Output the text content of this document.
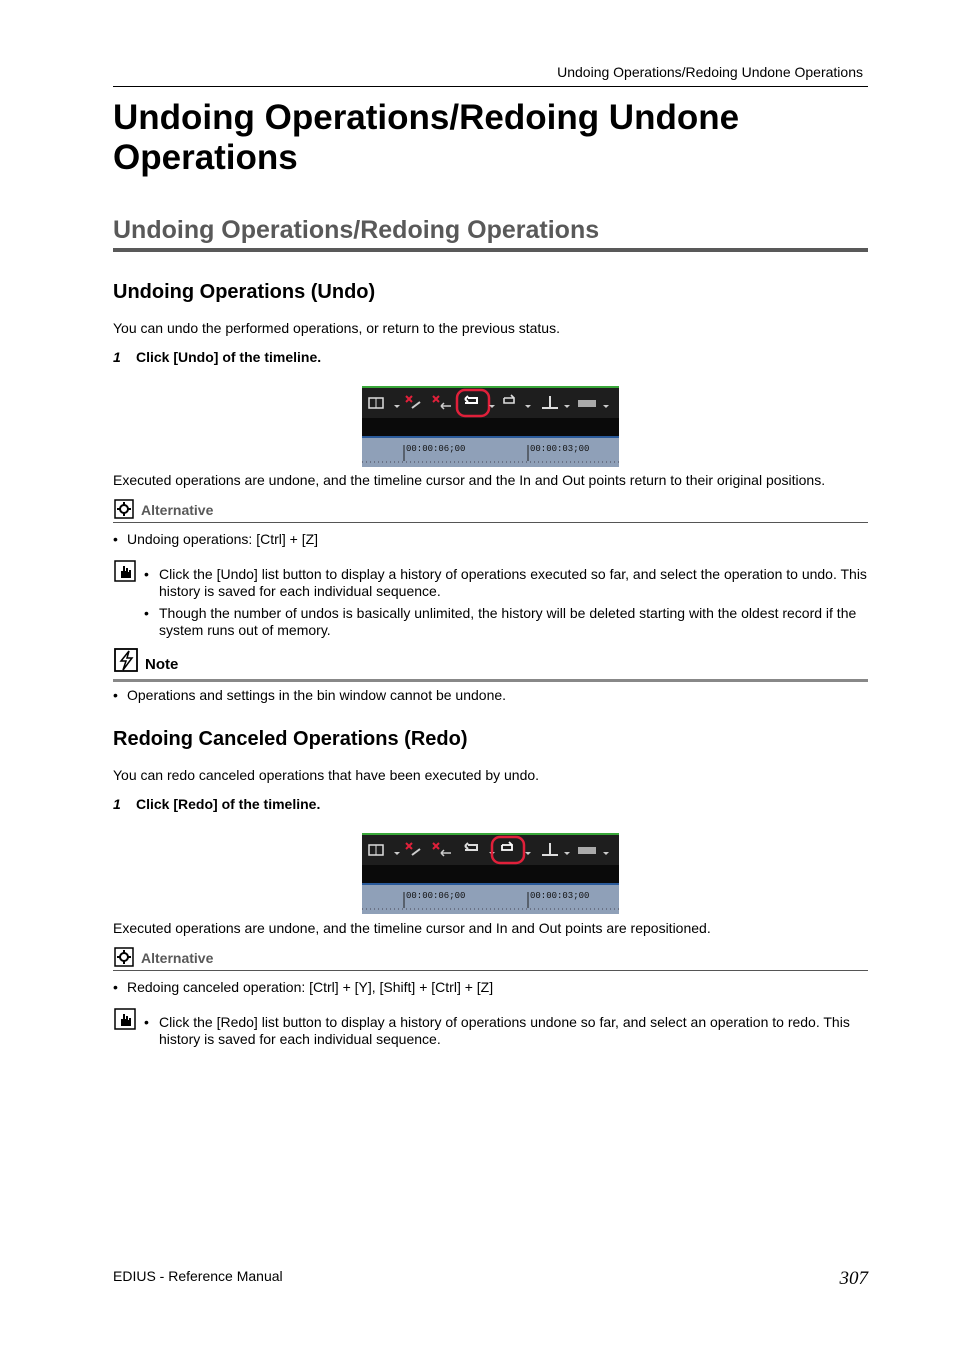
Undoing Operations/Redoing Undone Operations
Undoing Operations/Redoing Undone Operations
Undoing Operations/Redoing Operations
Undoing Operations (Undo)
You can undo the performed operations, or return to the previous status.
1 Click [Undo] of the timeline.
00:00:06;00	00:00:03;00
Executed operations are undone, and the timeline cursor and the In and Out points return to their original positions.
Alternative
• Undoing operations: [Ctrl] + [Z]
• Click the [Undo] list button to display a history of operations executed so far, and select the operation to undo. This history is saved for each individual sequence.
• Though the number of undos is basically unlimited, the history will be deleted starting with the oldest record if the system runs out of memory.
Note
• Operations and settings in the bin window cannot be undone.
Redoing Canceled Operations (Redo)
You can redo canceled operations that have been executed by undo.
1 Click [Redo] of the timeline.
00:00:06;00	00:00:03;00
Executed operations are undone, and the timeline cursor and In and Out points are repositioned.
Alternative
• Redoing canceled operation: [Ctrl] + [Y], [Shift] + [Ctrl] + [Z]
• Click the [Redo] list button to display a history of operations undone so far, and select an operation to redo. This history is saved for each individual sequence.
EDIUS - Reference Manual	307
